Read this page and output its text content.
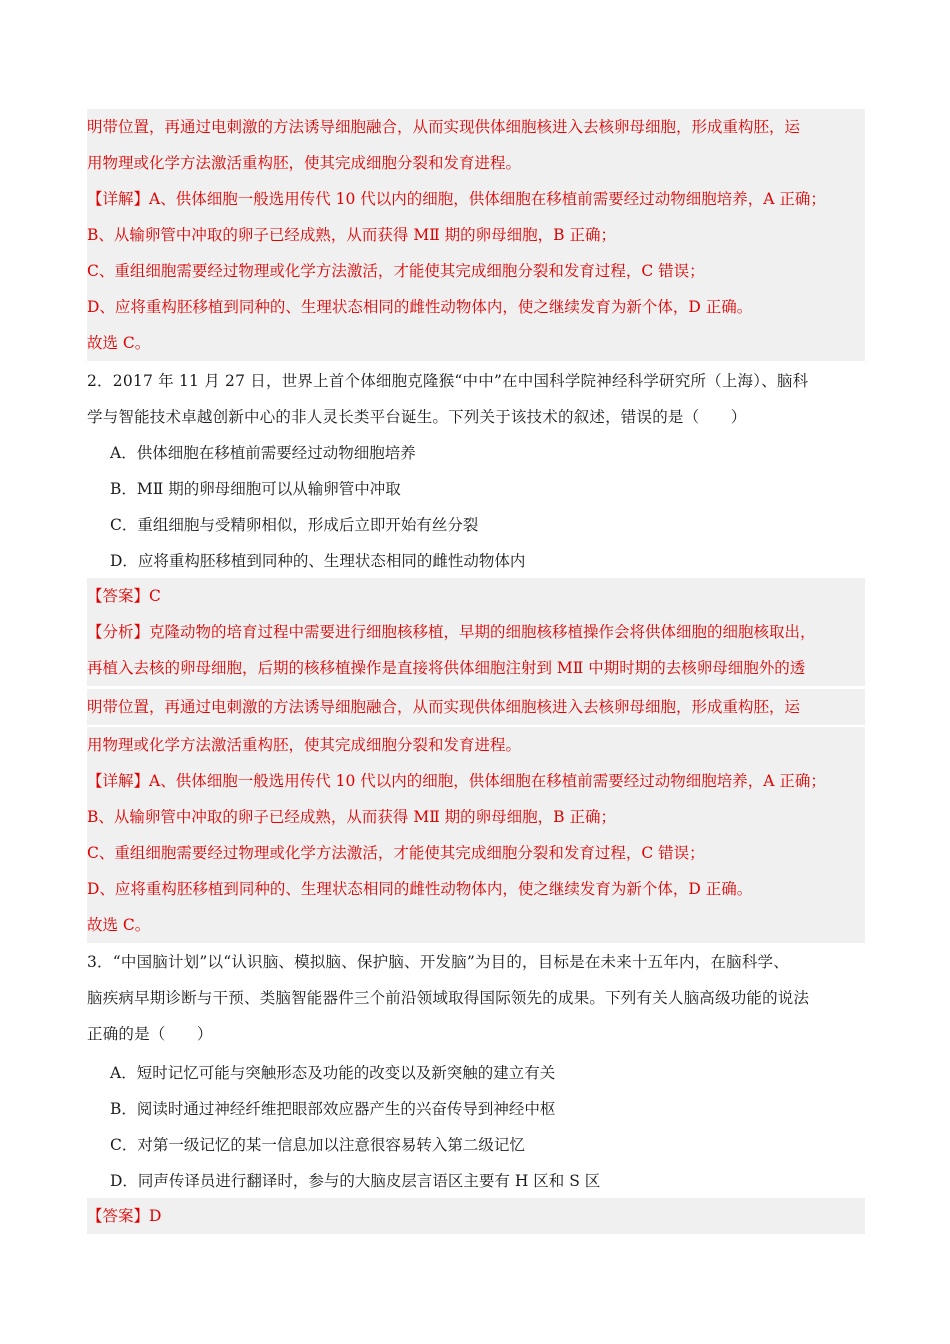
明带位置，再通过电刺激的方法诱导细胞融合，从而实现供体细胞核进入去核卵母细胞，形成重构胚，运
用物理或化学方法激活重构胚，使其完成细胞分裂和发育进程。
【详解】A、供体细胞一般选用传代 10 代以内的细胞，供体细胞在移植前需要经过动物细胞培养，A 正确；
B、从输卵管中冲取的卵子已经成熟，从而获得 MⅡ 期的卵母细胞，B 正确；
C、重组细胞需要经过物理或化学方法激活，才能使其完成细胞分裂和发育过程，C 错误；
D、应将重构胚移植到同种的、生理状态相同的雌性动物体内，使之继续发育为新个体，D 正确。
故选 C。
2．2017 年 11 月 27 日，世界上首个体细胞克隆猴“中中”在中国科学院神经科学研究所（上海）、脑科
学与智能技术卓越创新中心的非人灵长类平台诞生。下列关于该技术的叙述，错误的是（　　）
A．供体细胞在移植前需要经过动物细胞培养
B．MⅡ 期的卵母细胞可以从输卵管中冲取
C．重组细胞与受精卵相似，形成后立即开始有丝分裂
D．应将重构胚移植到同种的、生理状态相同的雌性动物体内
【答案】C
【分析】克隆动物的培育过程中需要进行细胞核移植，早期的细胞核移植操作会将供体细胞的细胞核取出，
再植入去核的卵母细胞，后期的核移植操作是直接将供体细胞注射到 MⅡ 中期时期的去核卵母细胞外的透
明带位置，再通过电刺激的方法诱导细胞融合，从而实现供体细胞核进入去核卵母细胞，形成重构胚，运
用物理或化学方法激活重构胚，使其完成细胞分裂和发育进程。
【详解】A、供体细胞一般选用传代 10 代以内的细胞，供体细胞在移植前需要经过动物细胞培养，A 正确；
B、从输卵管中冲取的卵子已经成熟，从而获得 MⅡ 期的卵母细胞，B 正确；
C、重组细胞需要经过物理或化学方法激活，才能使其完成细胞分裂和发育过程，C 错误；
D、应将重构胚移植到同种的、生理状态相同的雌性动物体内，使之继续发育为新个体，D 正确。
故选 C。
3．“中国脑计划”以“认识脑、模拟脑、保护脑、开发脑”为目的，目标是在未来十五年内，在脑科学、
脑疾病早期诊断与干预、类脑智能器件三个前沿领域取得国际领先的成果。下列有关人脑高级功能的说法
正确的是（　　）
A．短时记忆可能与突触形态及功能的改变以及新突触的建立有关
B．阅读时通过神经纤维把眼部效应器产生的兴奋传导到神经中枢
C．对第一级记忆的某一信息加以注意很容易转入第二级记忆
D．同声传译员进行翻译时，参与的大脑皮层言语区主要有 H 区和 S 区
【答案】D
